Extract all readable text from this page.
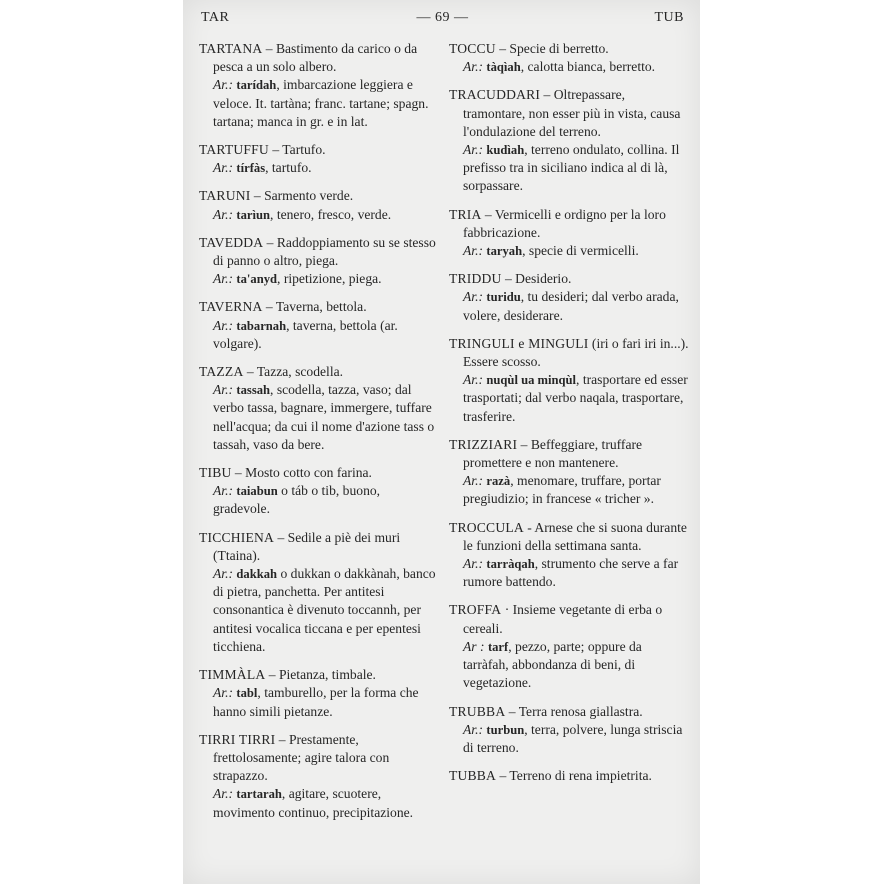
TAR	— 69 —	TUB

TARTANA – Bastimento da carico o da pesca a un solo albero.

Ar.: tarídah, imbarcazione leggiera e veloce. It. tartàna; franc. tartane; spagn. tartana; manca in gr. e in lat.

TARTUFFU – Tartufo.

Ar.: tírfàs, tartufo.

TARUNI – Sarmento verde.

Ar.: tarìun, tenero, fresco, verde.

TAVEDDA – Raddoppiamento su se stesso di panno o altro, piega.

Ar.: ta'anyd, ripetizione, piega.

TAVERNA – Taverna, bettola.

Ar.: tabarnah, taverna, bettola (ar. volgare).

TAZZA – Tazza, scodella.

Ar.: tassah, scodella, tazza, vaso; dal verbo tassa, bagnare, immergere, tuffare nell'acqua; da cui il nome d'azione tass o tassah, vaso da bere.

TIBU – Mosto cotto con farina.

Ar.: taiabun o táb o tib, buono, gradevole.

TICCHIENA – Sedile a piè dei muri (Ttaina).

Ar.: dakkah o dukkan o dakkànah, banco di pietra, panchetta. Per antitesi consonantica è divenuto toccannh, per antitesi vocalica ticcana e per epentesi ticchiena.

TIMMÀLA – Pietanza, timbale.

Ar.: tabl, tamburello, per la forma che hanno simili pietanze.

TIRRI TIRRI – Prestamente, frettolosamente; agire talora con strapazzo.

Ar.: tartarah, agitare, scuotere, movimento continuo, precipitazione.

TOCCU – Specie di berretto.

Ar.: tàqìah, calotta bianca, berretto.

TRACUDDARI – Oltrepassare, tramontare, non esser più in vista, causa l'ondulazione del terreno.

Ar.: kudìah, terreno ondulato, collina. Il prefisso tra in siciliano indica al di là, sorpassare.

TRIA – Vermicelli e ordigno per la loro fabbricazione.

Ar.: taryah, specie di vermicelli.

TRIDDU – Desiderio.

Ar.: turidu, tu desideri; dal verbo arada, volere, desiderare.

TRINGULI e MINGULI (iri o fari iri in...). Essere scosso.

Ar.: nuqùl ua minqùl, trasportare ed esser trasportati; dal verbo naqala, trasportare, trasferire.

TRIZZIARI – Beffeggiare, truffare promettere e non mantenere.

Ar.: razà, menomare, truffare, portar pregiudizio; in francese « tricher ».

TROCCULA - Arnese che si suona durante le funzioni della settimana santa.

Ar.: tarràqah, strumento che serve a far rumore battendo.

TROFFA · Insieme vegetante di erba o cereali.

Ar : tarf, pezzo, parte; oppure da tarràfah, abbondanza di beni, di vegetazione.

TRUBBA – Terra renosa giallastra.

Ar.: turbun, terra, polvere, lunga striscia di terreno.

TUBBA – Terreno di rena impietrita.
